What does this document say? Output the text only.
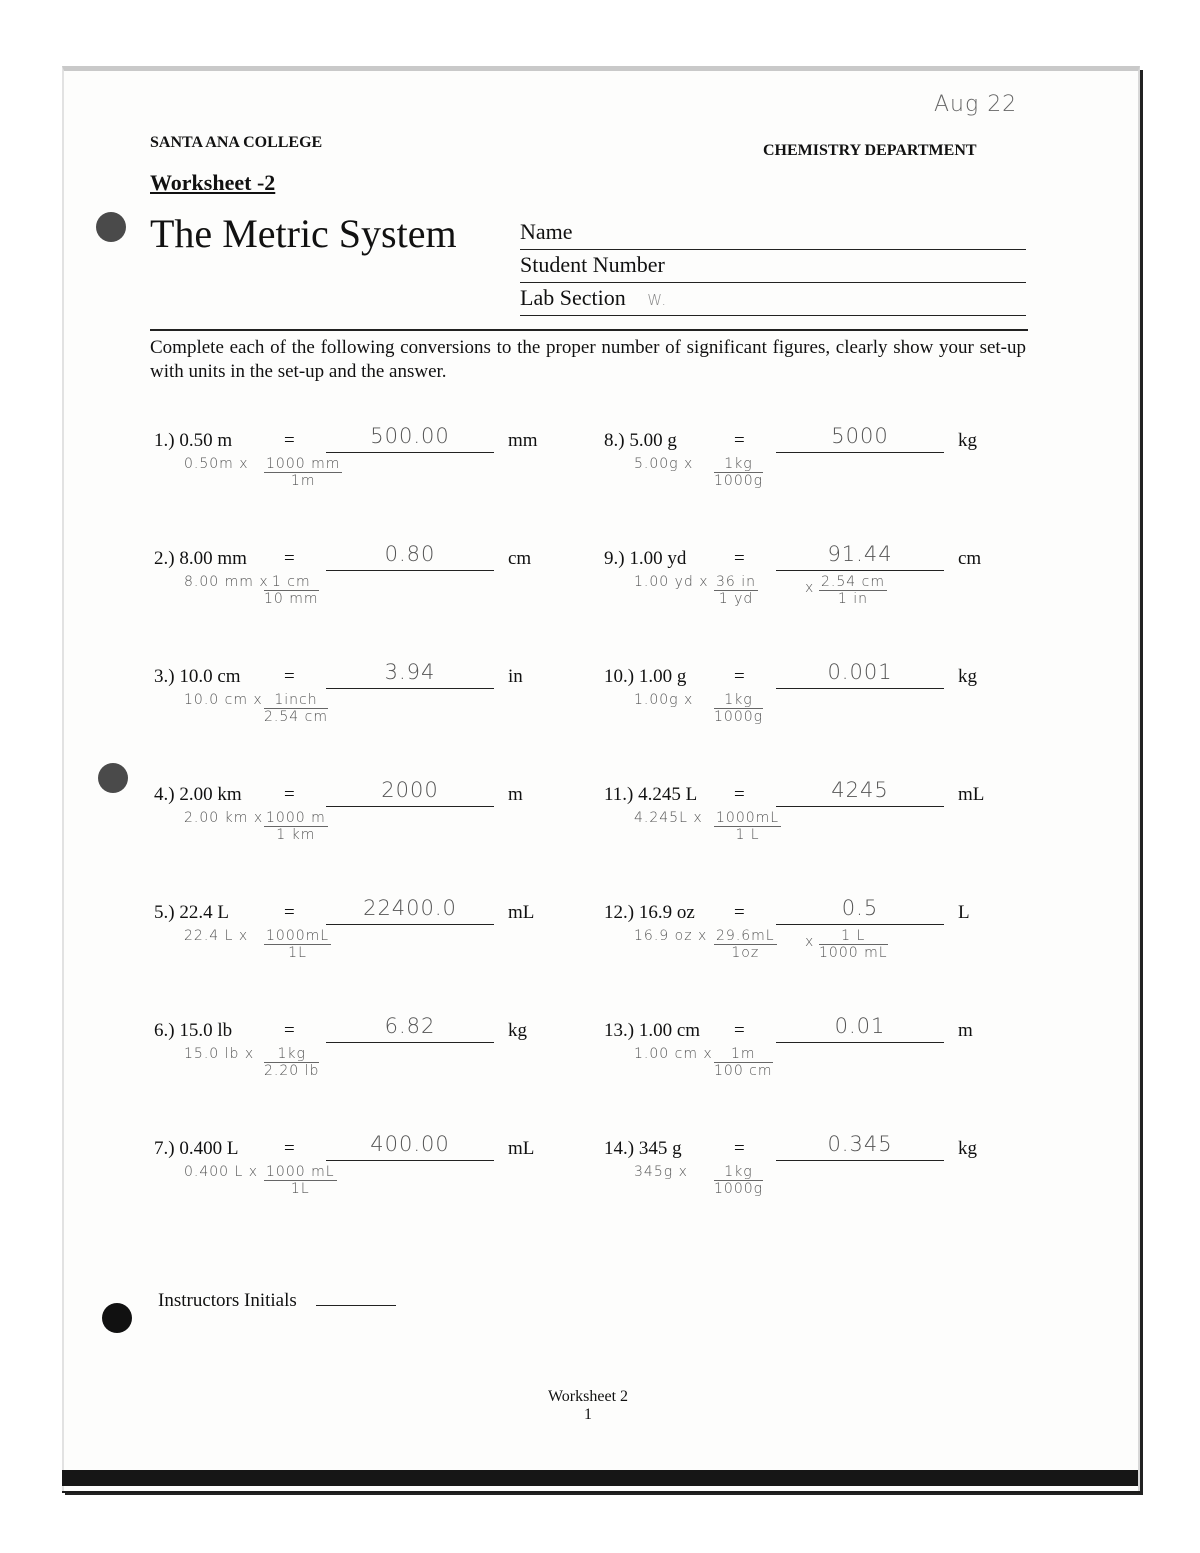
Aug 22
SANTA ANA COLLEGE	CHEMISTRY DEPARTMENT
Worksheet -2
The Metric System	Name
Student Number
Lab Section W.
Complete each of the following conversions to the proper number of significant figures, clearly show your set-up with units in the set-up and the answer.
1.) 0.50 m	=	500.00	mm
0.50m x $\frac{1000 mm}{1m}$
2.) 8.00 mm =	0.80	cm
8.00 mm x
$\frac{1 cm}{10 mm}$
3.) 10.0 cm =	3.94	in
10.0 cm x 1inch
2.54 cm
4.) 2.00 km =	2000	m
2.00 km x $\frac{1000 m}{1 km}$
5.) 22.4 L	=	22400.0	mL
22.4 L x $\frac{1000mL}{1L}$
6.) 15.0 lb	=	6.82	kg
15.0 lb x $\frac{1kg}{2.20 lb}$
7.) 0.400 L =	400.00	mL
0.400 L x $\frac{1000 mL}{1L}$
8.) 5.00 g	=	5000	kg
5.00g x $\frac{1kg}{1000g}$
9.) 1.00 yd	=	91.44	cm
1.00 yd x $\frac{36 in}{1 yd}$	x 2.54 cm
1 in
10.) 1.00 g	=	0.001	kg
1.00g x $\frac{1kg}{1000g}$
11.) 4.245 L =	4245	mL
4.245L x $\frac{1000mL}{1 L}$
12.) 16.9 oz =	0.5	L
16.9 oz x $\frac{29.6mL}{1oz}$ x	1 L
1000 mL
13.) 1.00 cm =	0.01	m
1.00 cm x $\frac{1m}{100 cm}$
14.) 345 g	=	0.345	kg
345g x $\frac{1kg}{1000g}$
Instructors Initials
Worksheet 2
1
